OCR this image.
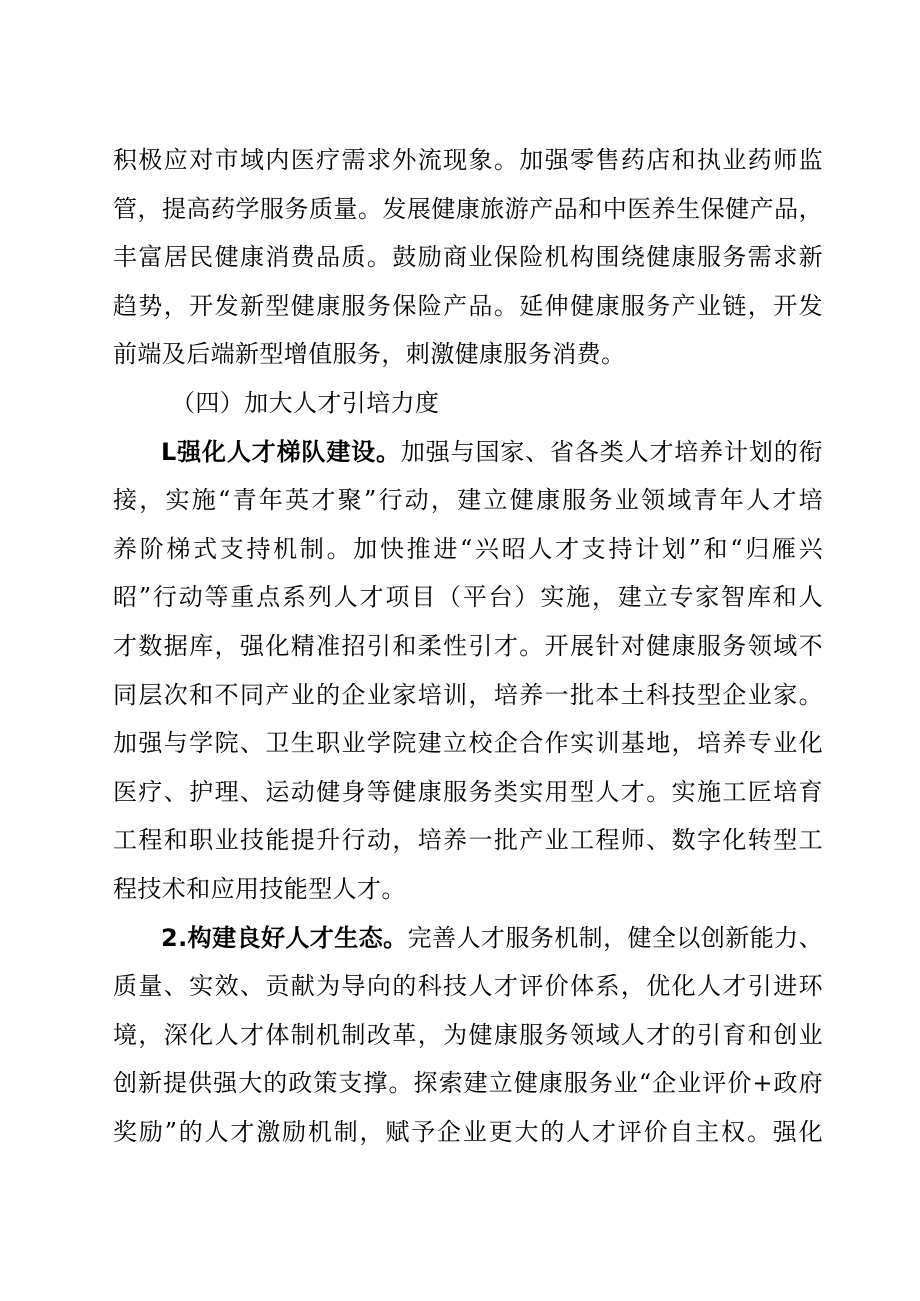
积极应对市域内医疗需求外流现象。加强零售药店和执业药师监
管，提高药学服务质量。发展健康旅游产品和中医养生保健产品，
丰富居民健康消费品质。鼓励商业保险机构围绕健康服务需求新
趋势，开发新型健康服务保险产品。延伸健康服务产业链，开发
前端及后端新型增值服务，刺激健康服务消费。
（四）加大人才引培力度
L强化人才梯队建设。加强与国家、省各类人才培养计划的衔
接，实施“青年英才聚”行动，建立健康服务业领域青年人才培
养阶梯式支持机制。加快推进“兴昭人才支持计划”和“归雁兴
昭”行动等重点系列人才项目（平台）实施，建立专家智库和人
才数据库，强化精准招引和柔性引才。开展针对健康服务领域不
同层次和不同产业的企业家培训，培养一批本土科技型企业家。
加强与学院、卫生职业学院建立校企合作实训基地，培养专业化
医疗、护理、运动健身等健康服务类实用型人才。实施工匠培育
工程和职业技能提升行动，培养一批产业工程师、数字化转型工
程技术和应用技能型人才。
2.构建良好人才生态。完善人才服务机制，健全以创新能力、
质量、实效、贡献为导向的科技人才评价体系，优化人才引进环
境，深化人才体制机制改革，为健康服务领域人才的引育和创业
创新提供强大的政策支撑。探索建立健康服务业“企业评价+政府
奖励”的人才激励机制，赋予企业更大的人才评价自主权。强化
